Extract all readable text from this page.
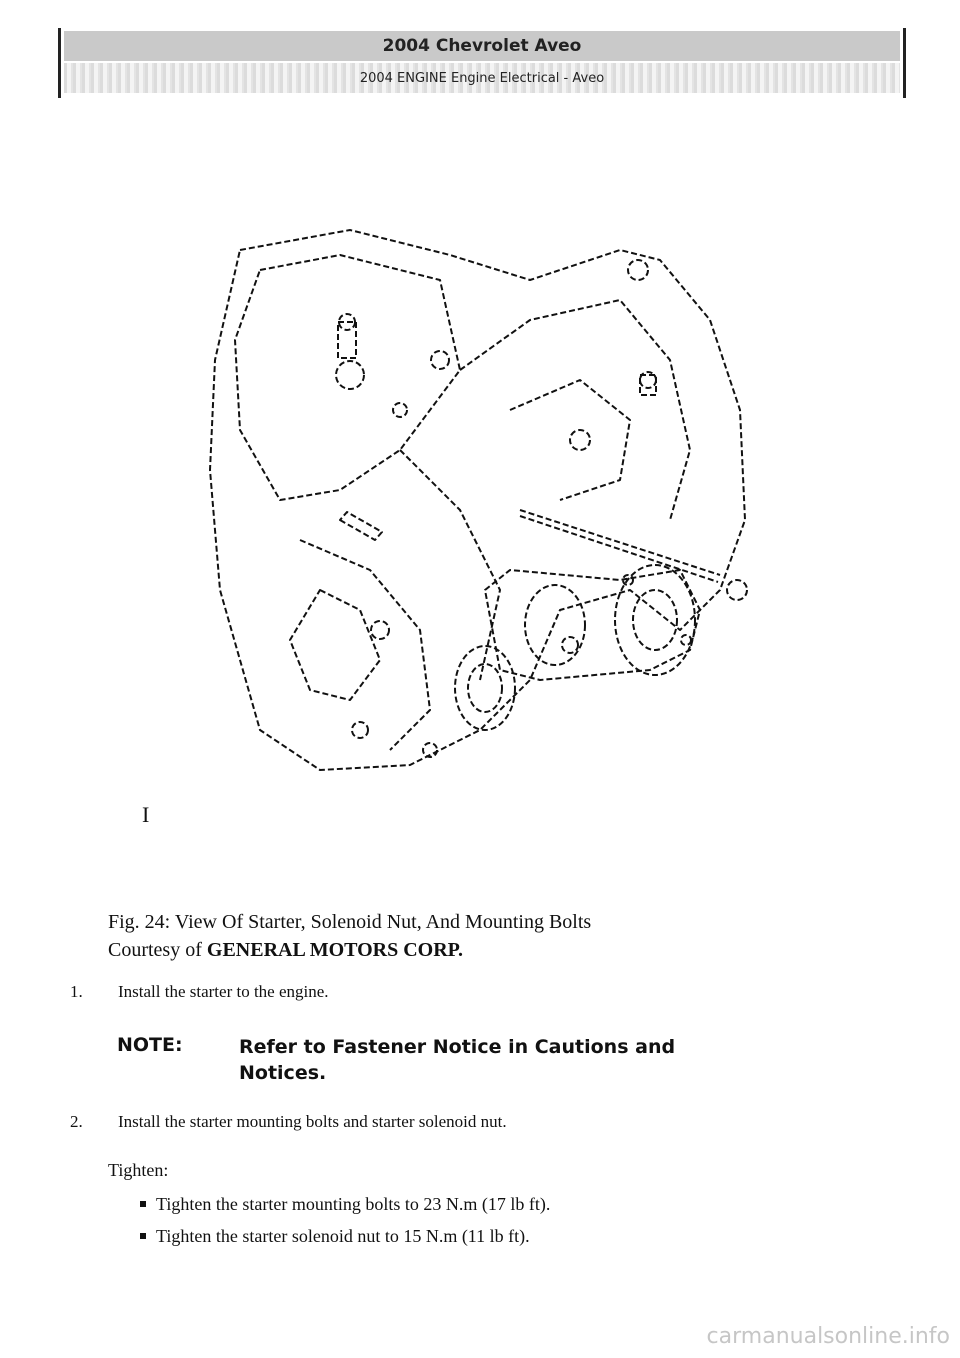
2004 Chevrolet Aveo
2004 ENGINE Engine Electrical - Aveo
I
Fig. 24: View Of Starter, Solenoid Nut, And Mounting Bolts
Courtesy of GENERAL MOTORS CORP.
1. Install the starter to the engine.
NOTE:	Refer to Fastener Notice in Cautions and Notices.
2. Install the starter mounting bolts and starter solenoid nut.
Tighten:
Tighten the starter mounting bolts to 23 N.m (17 lb ft).
Tighten the starter solenoid nut to 15 N.m (11 lb ft).
carmanualsonline.info
